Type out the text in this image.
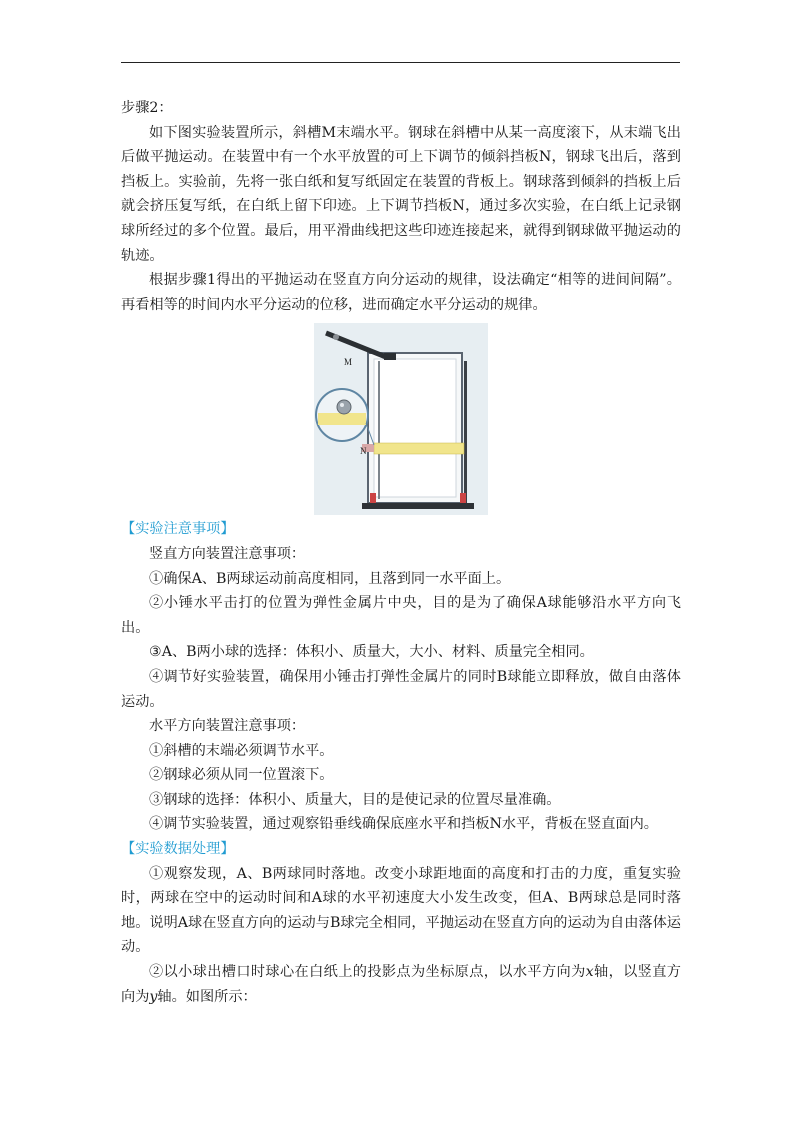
步骤2：

如下图实验装置所示，斜槽M末端水平。钢球在斜槽中从某一高度滚下，从末端飞出后做平抛运动。在装置中有一个水平放置的可上下调节的倾斜挡板N，钢球飞出后，落到挡板上。实验前，先将一张白纸和复写纸固定在装置的背板上。钢球落到倾斜的挡板上后就会挤压复写纸，在白纸上留下印迹。上下调节挡板N，通过多次实验，在白纸上记录钢球所经过的多个位置。最后，用平滑曲线把这些印迹连接起来，就得到钢球做平抛运动的轨迹。

根据步骤1得出的平抛运动在竖直方向分运动的规律，设法确定“相等的进间间隔”。再看相等的时间内水平分运动的位移，进而确定水平分运动的规律。

M
N

【实验注意事项】

竖直方向装置注意事项：

①确保A、B两球运动前高度相同，且落到同一水平面上。

②小锤水平击打的位置为弹性金属片中央，目的是为了确保A球能够沿水平方向飞出。

③A、B两小球的选择：体积小、质量大，大小、材料、质量完全相同。

④调节好实验装置，确保用小锤击打弹性金属片的同时B球能立即释放，做自由落体运动。

水平方向装置注意事项：

①斜槽的末端必须调节水平。

②钢球必须从同一位置滚下。

③钢球的选择：体积小、质量大，目的是使记录的位置尽量准确。

④调节实验装置，通过观察铅垂线确保底座水平和挡板N水平，背板在竖直面内。

【实验数据处理】

①观察发现，A、B两球同时落地。改变小球距地面的高度和打击的力度，重复实验时，两球在空中的运动时间和A球的水平初速度大小发生改变，但A、B两球总是同时落地。说明A球在竖直方向的运动与B球完全相同，平抛运动在竖直方向的运动为自由落体运动。

②以小球出槽口时球心在白纸上的投影点为坐标原点，以水平方向为x轴，以竖直方向为y轴。如图所示：
